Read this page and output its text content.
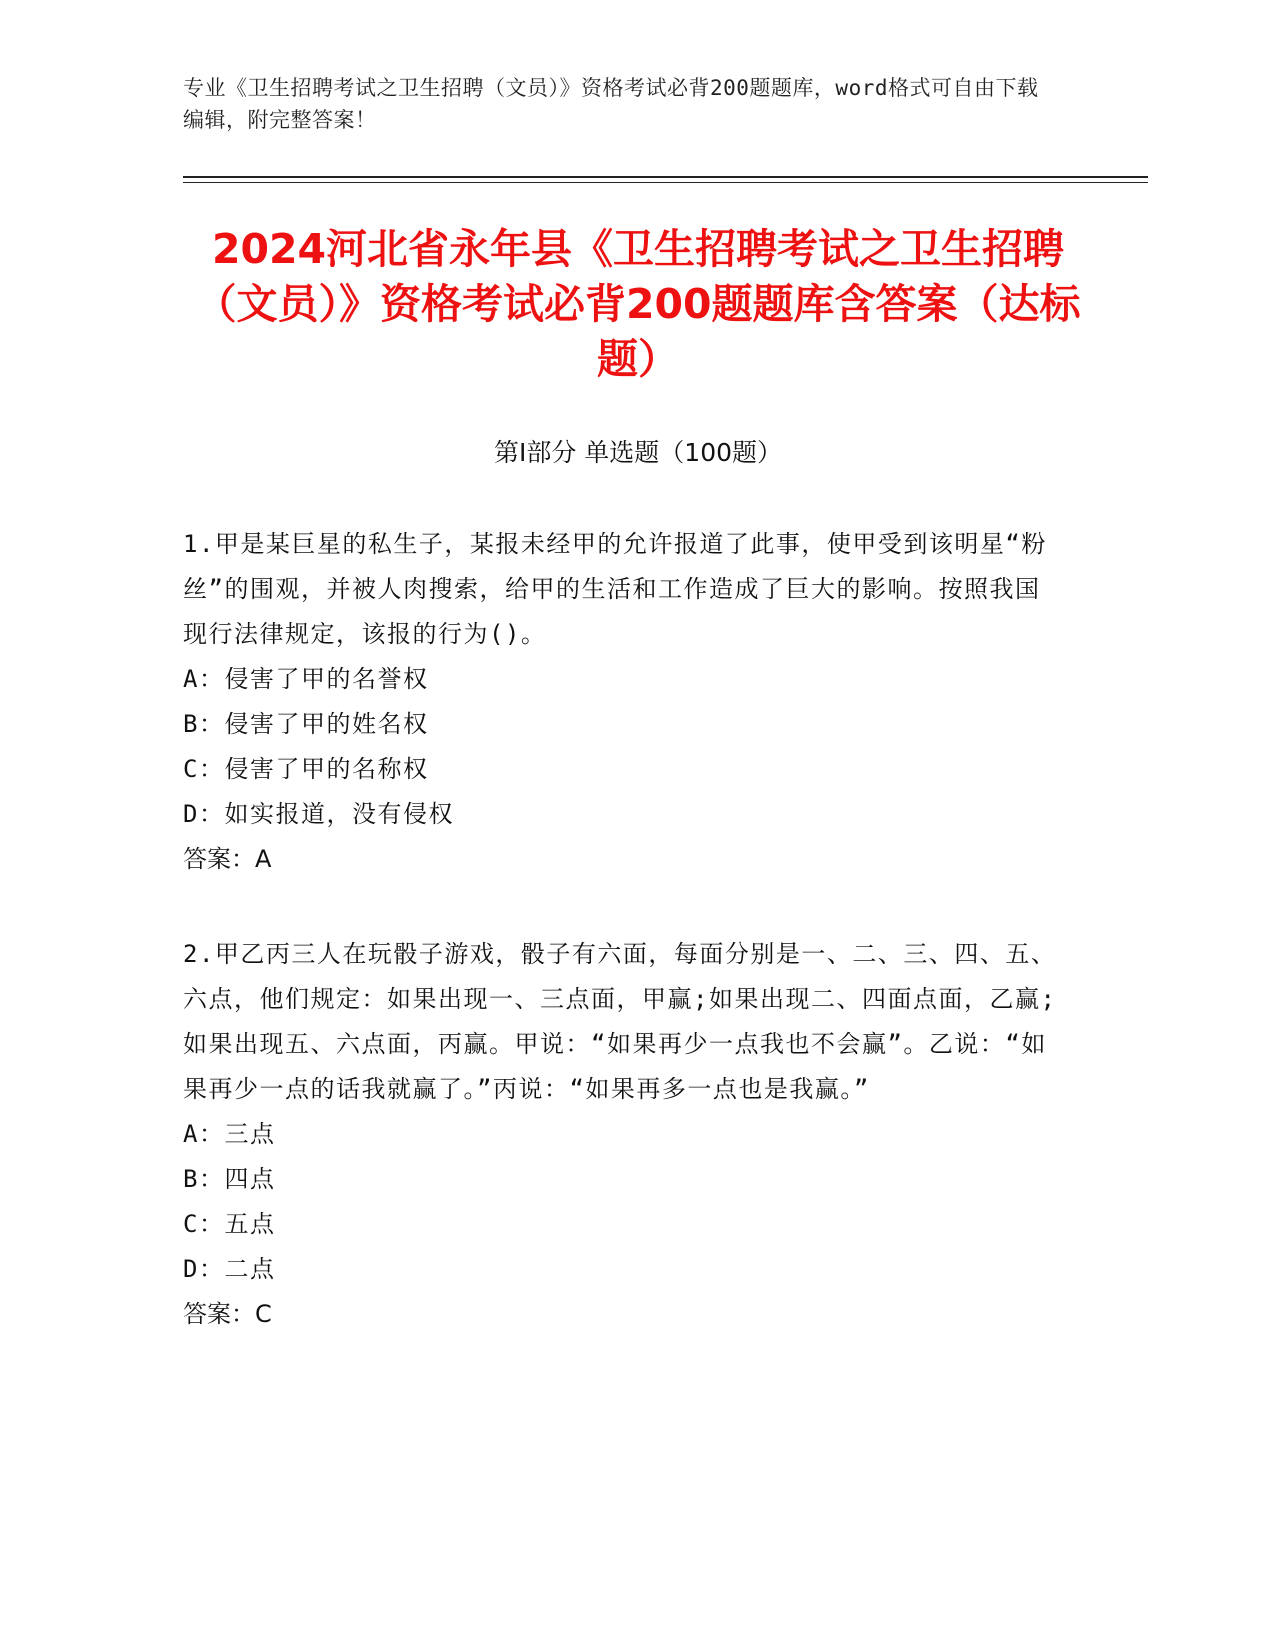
专业《卫生招聘考试之卫生招聘（文员）》资格考试必背200题题库，word格式可自由下载编辑，附完整答案！
2024河北省永年县《卫生招聘考试之卫生招聘（文员）》资格考试必背200题题库含答案（达标题）
第Ⅰ部分 单选题（100题）
1.甲是某巨星的私生子，某报未经甲的允许报道了此事，使甲受到该明星“粉丝”的围观，并被人肉搜索，给甲的生活和工作造成了巨大的影响。按照我国现行法律规定，该报的行为()。
A：侵害了甲的名誉权
B：侵害了甲的姓名权
C：侵害了甲的名称权
D：如实报道，没有侵权
答案：A
2.甲乙丙三人在玩骰子游戏，骰子有六面，每面分别是一、二、三、四、五、六点，他们规定：如果出现一、三点面，甲赢;如果出现二、四面点面，乙赢;如果出现五、六点面，丙赢。甲说：“如果再少一点我也不会赢”。乙说：“如果再少一点的话我就赢了。”丙说：“如果再多一点也是我赢。”
A：三点
B：四点
C：五点
D：二点
答案：C
